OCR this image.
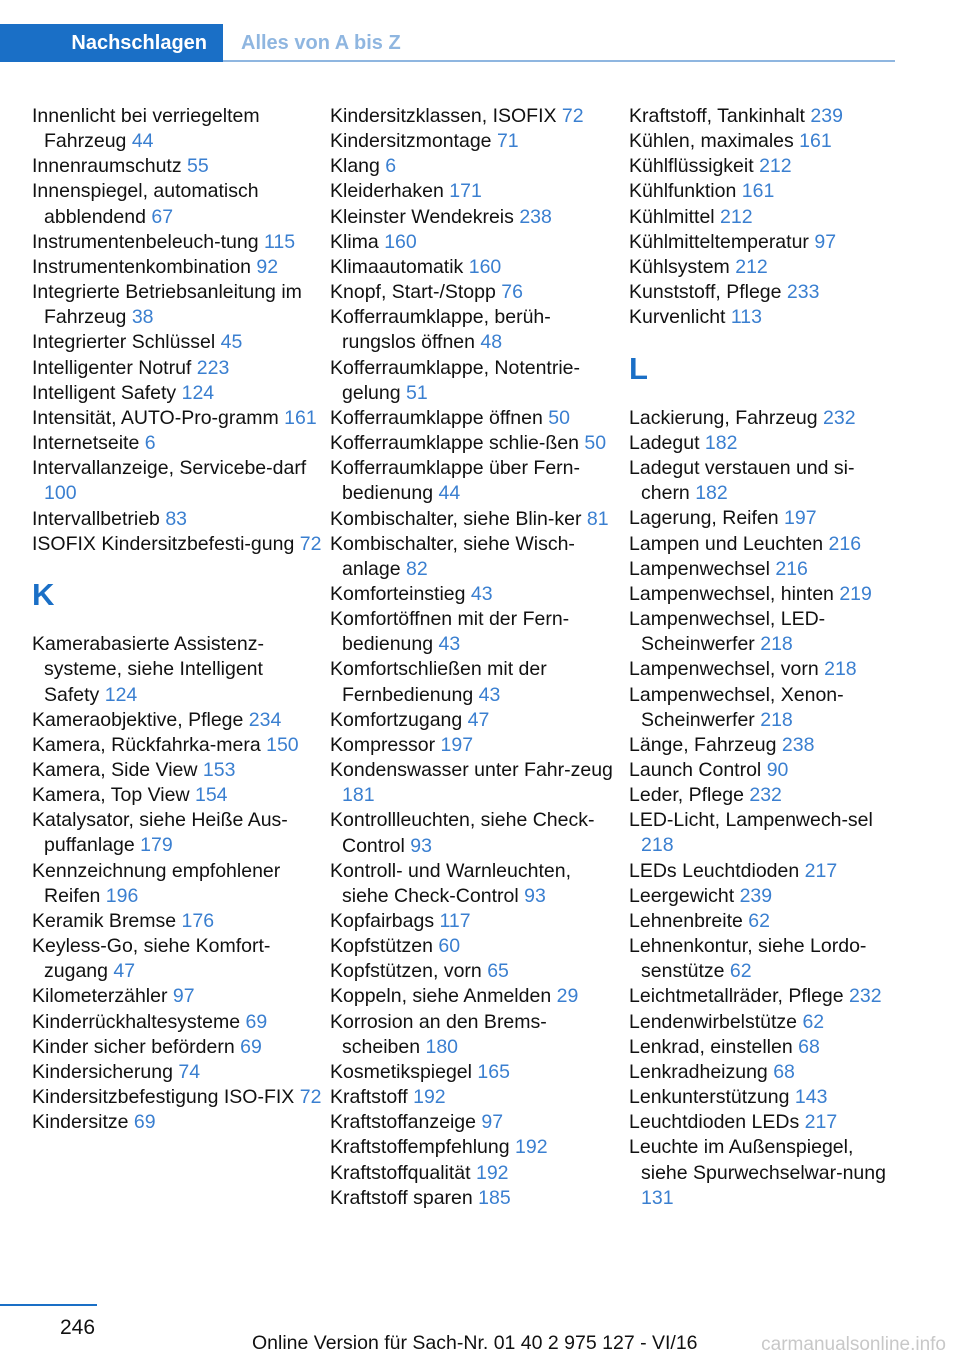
Nachschlagen	Alles von A bis Z
Innenlicht bei verriegeltem Fahrzeug 44
Innenraumschutz 55
Innenspiegel, automatisch abblendend 67
Instrumentenbeleuch-tung 115
Instrumentenkombination 92
Integrierte Betriebsanleitung im Fahrzeug 38
Integrierter Schlüssel 45
Intelligenter Notruf 223
Intelligent Safety 124
Intensität, AUTO-Pro-gramm 161
Internetseite 6
Intervallanzeige, Servicebe-darf 100
Intervallbetrieb 83
ISOFIX Kindersitzbefesti-gung 72
K
Kamerabasierte Assistenz-systeme, siehe Intelligent Safety 124
Kameraobjektive, Pflege 234
Kamera, Rückfahrka-mera 150
Kamera, Side View 153
Kamera, Top View 154
Katalysator, siehe Heiße Aus-puffanlage 179
Kennzeichnung empfohlener Reifen 196
Keramik Bremse 176
Keyless-Go, siehe Komfort-zugang 47
Kilometerzähler 97
Kinderrückhaltesysteme 69
Kinder sicher befördern 69
Kindersicherung 74
Kindersitzbefestigung ISO-FIX 72
Kindersitze 69
Kindersitzklassen, ISOFIX 72
Kindersitzmontage 71
Klang 6
Kleiderhaken 171
Kleinster Wendekreis 238
Klima 160
Klimaautomatik 160
Knopf, Start-/Stopp 76
Kofferraumklappe, berüh-rungslos öffnen 48
Kofferraumklappe, Notentrie-gelung 51
Kofferraumklappe öffnen 50
Kofferraumklappe schlie-ßen 50
Kofferraumklappe über Fern-bedienung 44
Kombischalter, siehe Blin-ker 81
Kombischalter, siehe Wisch-anlage 82
Komforteinstieg 43
Komfortöffnen mit der Fern-bedienung 43
Komfortschließen mit der Fernbedienung 43
Komfortzugang 47
Kompressor 197
Kondenswasser unter Fahr-zeug 181
Kontrollleuchten, siehe Check-Control 93
Kontroll- und Warnleuchten, siehe Check-Control 93
Kopfairbags 117
Kopfstützen 60
Kopfstützen, vorn 65
Koppeln, siehe Anmelden 29
Korrosion an den Brems-scheiben 180
Kosmetikspiegel 165
Kraftstoff 192
Kraftstoffanzeige 97
Kraftstoffempfehlung 192
Kraftstoffqualität 192
Kraftstoff sparen 185
Kraftstoff, Tankinhalt 239
Kühlen, maximales 161
Kühlflüssigkeit 212
Kühlfunktion 161
Kühlmittel 212
Kühlmitteltemperatur 97
Kühlsystem 212
Kunststoff, Pflege 233
Kurvenlicht 113
L
Lackierung, Fahrzeug 232
Ladegut 182
Ladegut verstauen und si-chern 182
Lagerung, Reifen 197
Lampen und Leuchten 216
Lampenwechsel 216
Lampenwechsel, hinten 219
Lampenwechsel, LED-Scheinwerfer 218
Lampenwechsel, vorn 218
Lampenwechsel, Xenon-Scheinwerfer 218
Länge, Fahrzeug 238
Launch Control 90
Leder, Pflege 232
LED-Licht, Lampenwech-sel 218
LEDs Leuchtdioden 217
Leergewicht 239
Lehnenbreite 62
Lehnenkontur, siehe Lordo-senstütze 62
Leichtmetallräder, Pflege 232
Lendenwirbelstütze 62
Lenkrad, einstellen 68
Lenkradheizung 68
Lenkunterstützung 143
Leuchtdioden LEDs 217
Leuchte im Außenspiegel, siehe Spurwechselwar-nung 131
246
Online Version für Sach-Nr. 01 40 2 975 127 - VI/16	carmanualsonline.info
